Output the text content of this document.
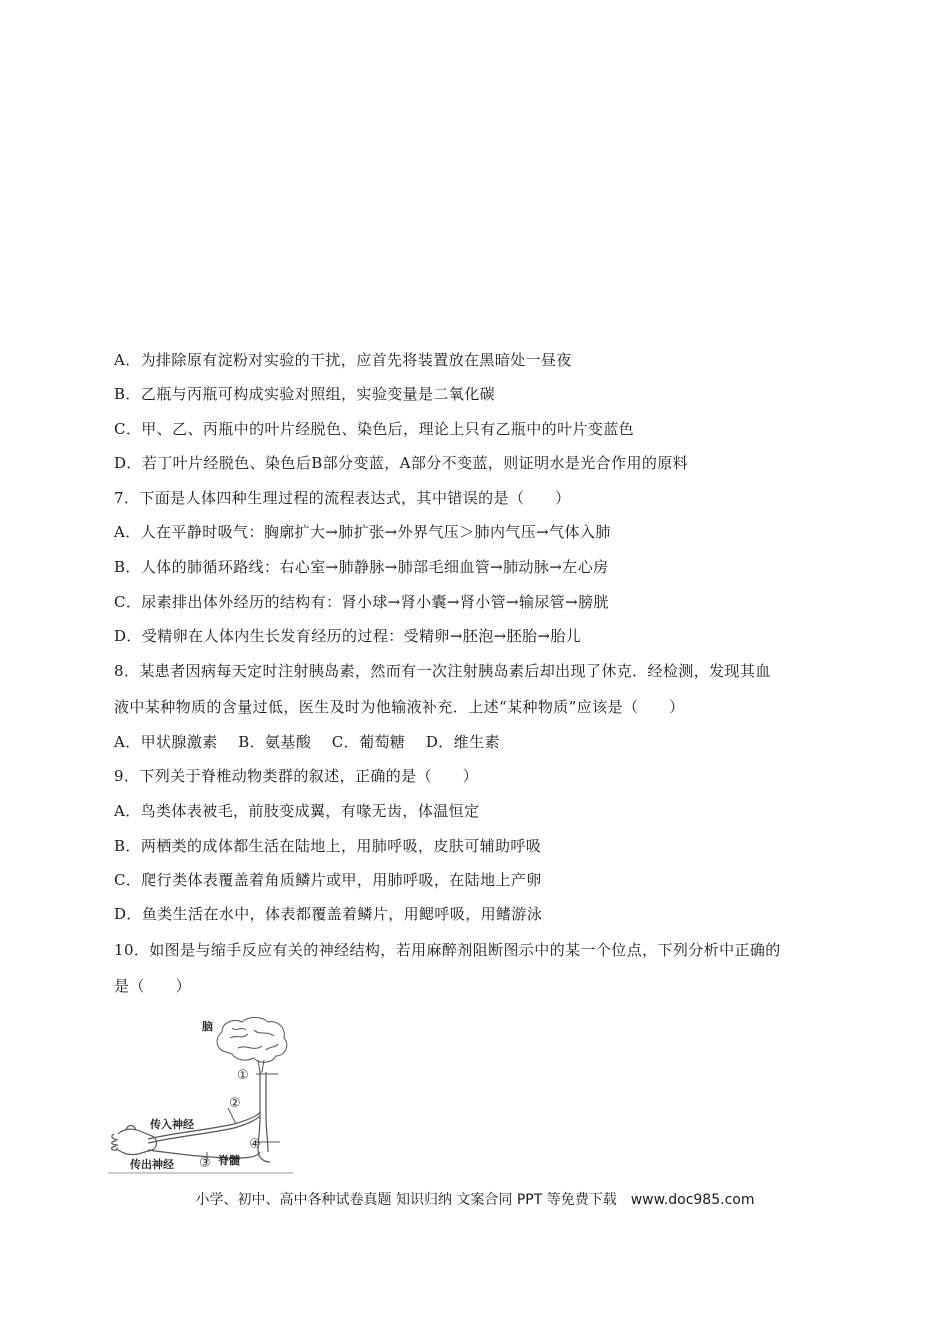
A．为排除原有淀粉对实验的干扰，应首先将装置放在黑暗处一昼夜
B．乙瓶与丙瓶可构成实验对照组，实验变量是二氧化碳
C．甲、乙、丙瓶中的叶片经脱色、染色后，理论上只有乙瓶中的叶片变蓝色
D．若丁叶片经脱色、染色后B部分变蓝，A部分不变蓝，则证明水是光合作用的原料
7．下面是人体四种生理过程的流程表达式，其中错误的是（　　）
A．人在平静时吸气：胸廓扩大→肺扩张→外界气压＞肺内气压→气体入肺
B．人体的肺循环路线：右心室→肺静脉→肺部毛细血管→肺动脉→左心房
C．尿素排出体外经历的结构有：肾小球→肾小囊→肾小管→输尿管→膀胱
D．受精卵在人体内生长发育经历的过程：受精卵→胚泡→胚胎→胎儿
8．某患者因病每天定时注射胰岛素，然而有一次注射胰岛素后却出现了休克．经检测，发现其血
液中某种物质的含量过低，医生及时为他输液补充．上述“某种物质”应该是（　　）
A．甲状腺激素　 B．氨基酸　 C．葡萄糖　 D．维生素
9．下列关于脊椎动物类群的叙述，正确的是（　　）
A．鸟类体表被毛，前肢变成翼，有喙无齿，体温恒定
B．两栖类的成体都生活在陆地上，用肺呼吸，皮肤可辅助呼吸
C．爬行类体表覆盖着角质鳞片或甲，用肺呼吸，在陆地上产卵
D．鱼类生活在水中，体表都覆盖着鳞片，用鳃呼吸，用鳍游泳
10．如图是与缩手反应有关的神经结构，若用麻醉剂阻断图示中的某一个位点，下列分析中正确的
是（　　）
①
②
③
④
脑
传入神经
传出神经	脊髓
小学、初中、高中各种试卷真题 知识归纳 文案合同 PPT 等免费下载　www.doc985.com
